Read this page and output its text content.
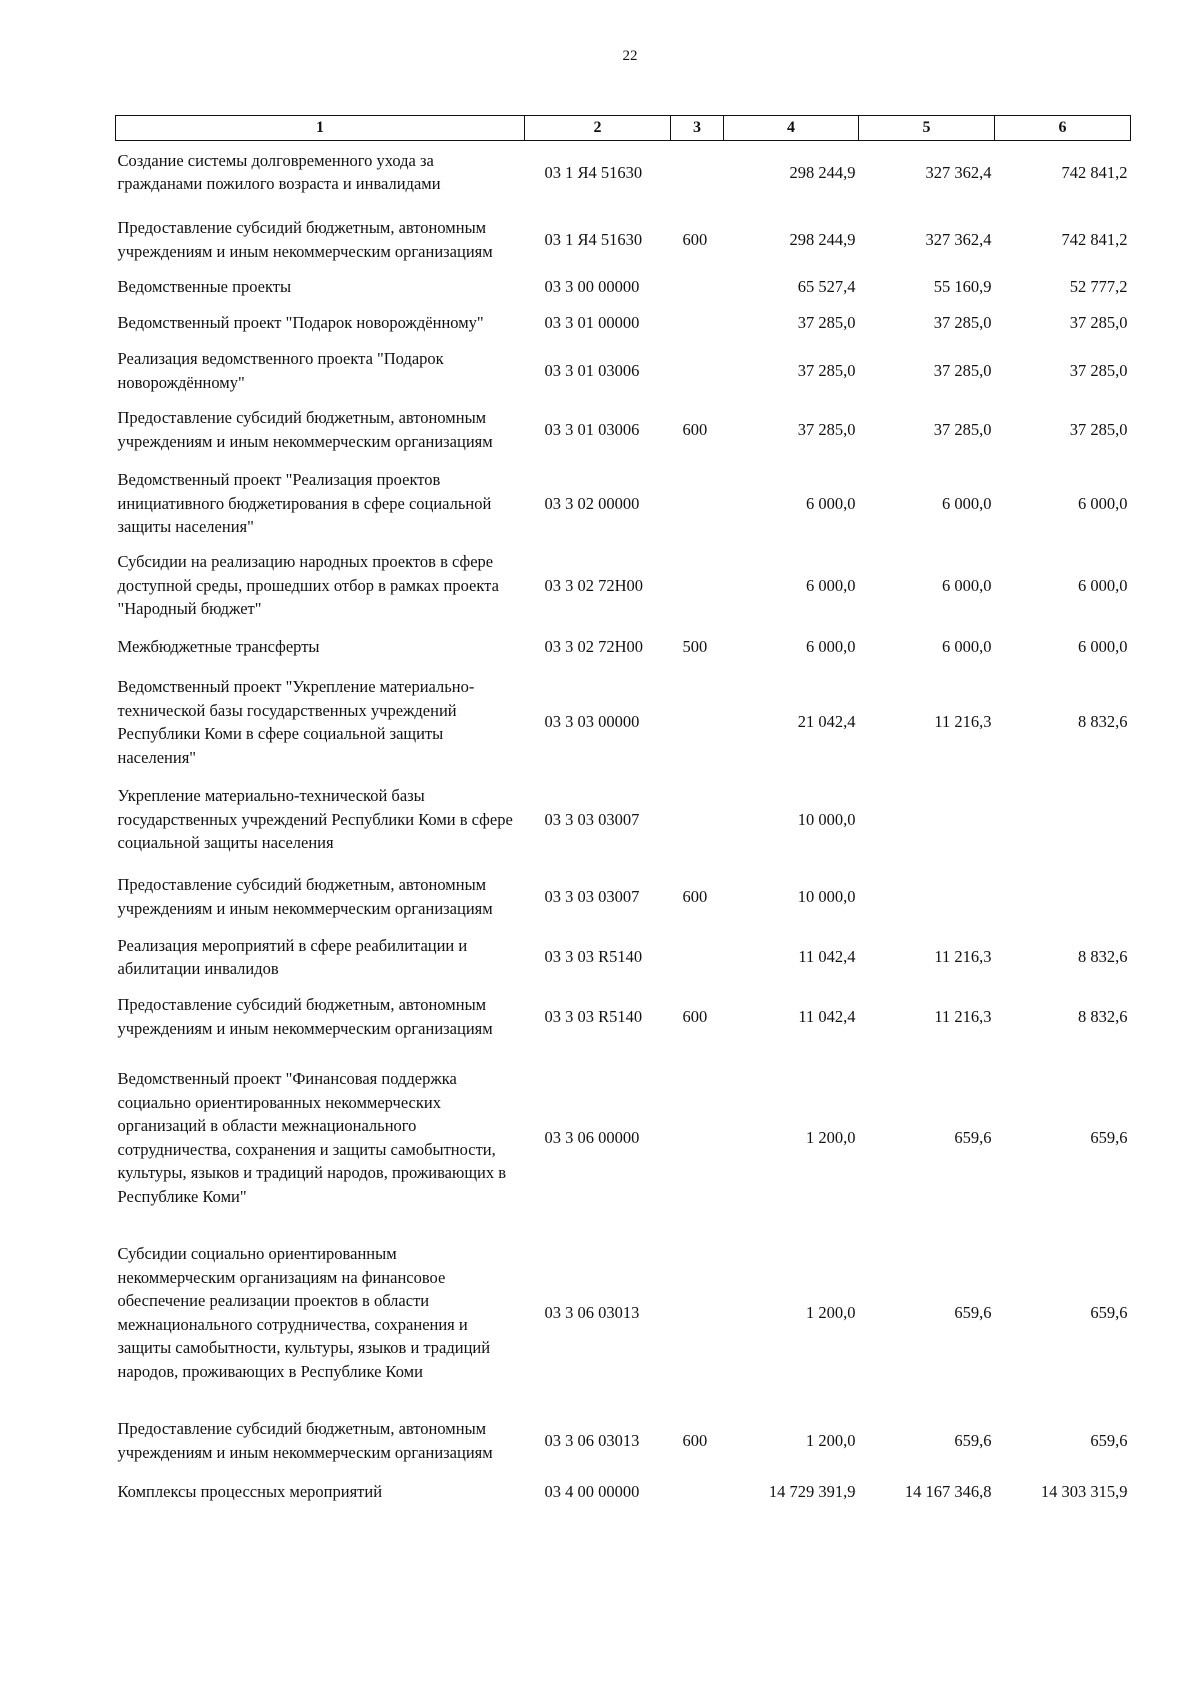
22
1	2	3	4	5	6
Создание системы долговременного ухода за гражданами пожилого возраста и инвалидами	03 1 Я4 51630		298 244,9	327 362,4	742 841,2
Предоставление субсидий бюджетным, автономным учреждениям и иным некоммерческим организациям	03 1 Я4 51630	600	298 244,9	327 362,4	742 841,2
Ведомственные проекты	03 3 00 00000		65 527,4	55 160,9	52 777,2
Ведомственный проект "Подарок новорождённому"	03 3 01 00000		37 285,0	37 285,0	37 285,0
Реализация ведомственного проекта "Подарок новорождённому"	03 3 01 03006		37 285,0	37 285,0	37 285,0
Предоставление субсидий бюджетным, автономным учреждениям и иным некоммерческим организациям	03 3 01 03006	600	37 285,0	37 285,0	37 285,0
Ведомственный проект "Реализация проектов инициативного бюджетирования в сфере социальной защиты населения"	03 3 02 00000		6 000,0	6 000,0	6 000,0
Субсидии на реализацию народных проектов в сфере доступной среды, прошедших отбор в рамках проекта "Народный бюджет"	03 3 02 72Н00		6 000,0	6 000,0	6 000,0
Межбюджетные трансферты	03 3 02 72Н00	500	6 000,0	6 000,0	6 000,0
Ведомственный проект "Укрепление материально-технической базы государственных учреждений Республики Коми в сфере социальной защиты населения"	03 3 03 00000		21 042,4	11 216,3	8 832,6
Укрепление материально-технической базы государственных учреждений Республики Коми в сфере социальной защиты населения	03 3 03 03007		10 000,0		
Предоставление субсидий бюджетным, автономным учреждениям и иным некоммерческим организациям	03 3 03 03007	600	10 000,0		
Реализация мероприятий в сфере реабилитации и абилитации инвалидов	03 3 03 R5140		11 042,4	11 216,3	8 832,6
Предоставление субсидий бюджетным, автономным учреждениям и иным некоммерческим организациям	03 3 03 R5140	600	11 042,4	11 216,3	8 832,6
Ведомственный проект "Финансовая поддержка социально ориентированных некоммерческих организаций в области межнационального сотрудничества, сохранения и защиты самобытности, культуры, языков и традиций народов, проживающих в Республике Коми"	03 3 06 00000		1 200,0	659,6	659,6
Субсидии социально ориентированным некоммерческим организациям на финансовое обеспечение реализации проектов в области межнационального сотрудничества, сохранения и защиты самобытности, культуры, языков и традиций народов, проживающих в Республике Коми	03 3 06 03013		1 200,0	659,6	659,6
Предоставление субсидий бюджетным, автономным учреждениям и иным некоммерческим организациям	03 3 06 03013	600	1 200,0	659,6	659,6
Комплексы процессных мероприятий	03 4 00 00000		14 729 391,9	14 167 346,8	14 303 315,9
